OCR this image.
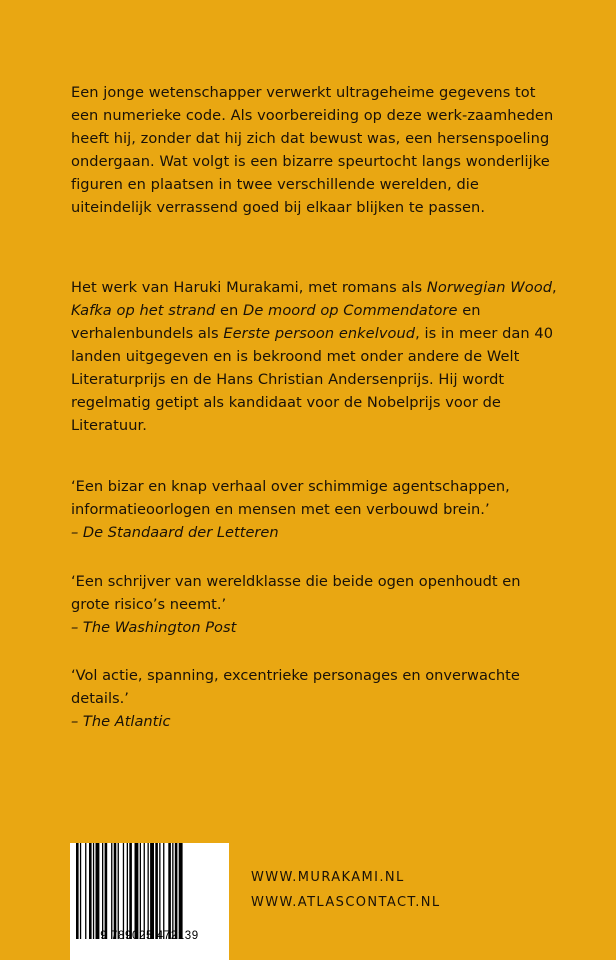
Een jonge wetenschapper verwerkt ultrageheime gegevens tot een numerieke code. Als voorbereiding op deze werk-zaamheden heeft hij, zonder dat hij zich dat bewust was, een hersenspoeling ondergaan. Wat volgt is een bizarre speurtocht langs wonderlijke figuren en plaatsen in twee verschillende werelden, die uiteindelijk verrassend goed bij elkaar blijken te passen.

Het werk van Haruki Murakami, met romans als Norwegian Wood, Kafka op het strand en De moord op Commendatore en verhalenbundels als Eerste persoon enkelvoud, is in meer dan 40 landen uitgegeven en is bekroond met onder andere de Welt Literaturprijs en de Hans Christian Andersenprijs. Hij wordt regelmatig getipt als kandidaat voor de Nobelprijs voor de Literatuur.

‘Een bizar en knap verhaal over schimmige agentschappen, informatieoorlogen en mensen met een verbouwd brein.’
– De Standaard der Letteren

‘Een schrijver van wereldklasse die beide ogen openhoudt en grote risico’s neemt.’
– The Washington Post

‘Vol actie, spanning, excentrieke personages en onverwachte details.’
– The Atlantic

9 789025 472139
WWW.MURAKAMI.NL
WWW.ATLASCONTACT.NL
